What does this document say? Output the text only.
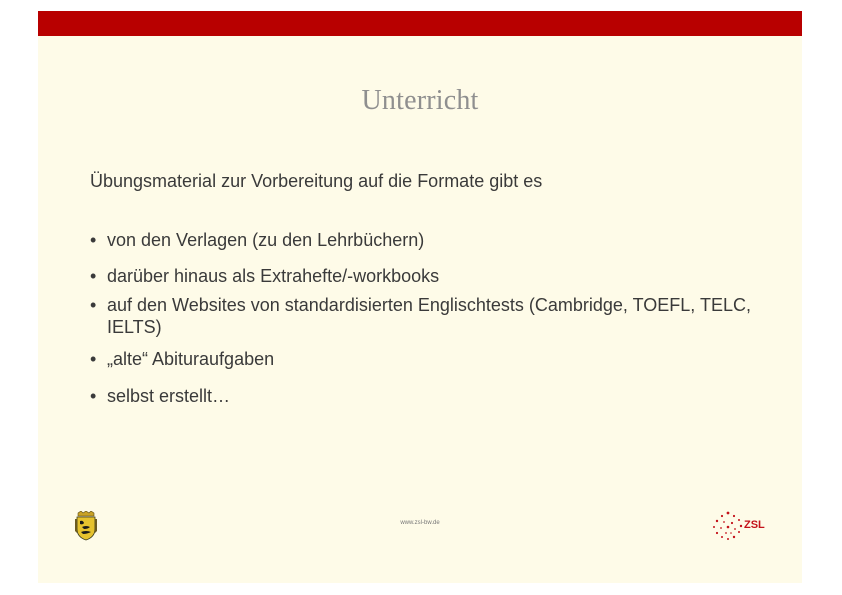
Unterricht
Übungsmaterial zur Vorbereitung auf die Formate gibt es
• von den Verlagen (zu den Lehrbüchern)
• darüber hinaus als Extrahefte/-workbooks
• auf den Websites von standardisierten Englischtests (Cambridge, TOEFL, TELC, IELTS)
• „alte“ Abituraufgaben
• selbst erstellt…
www.zsl-bw.de	ZSL
